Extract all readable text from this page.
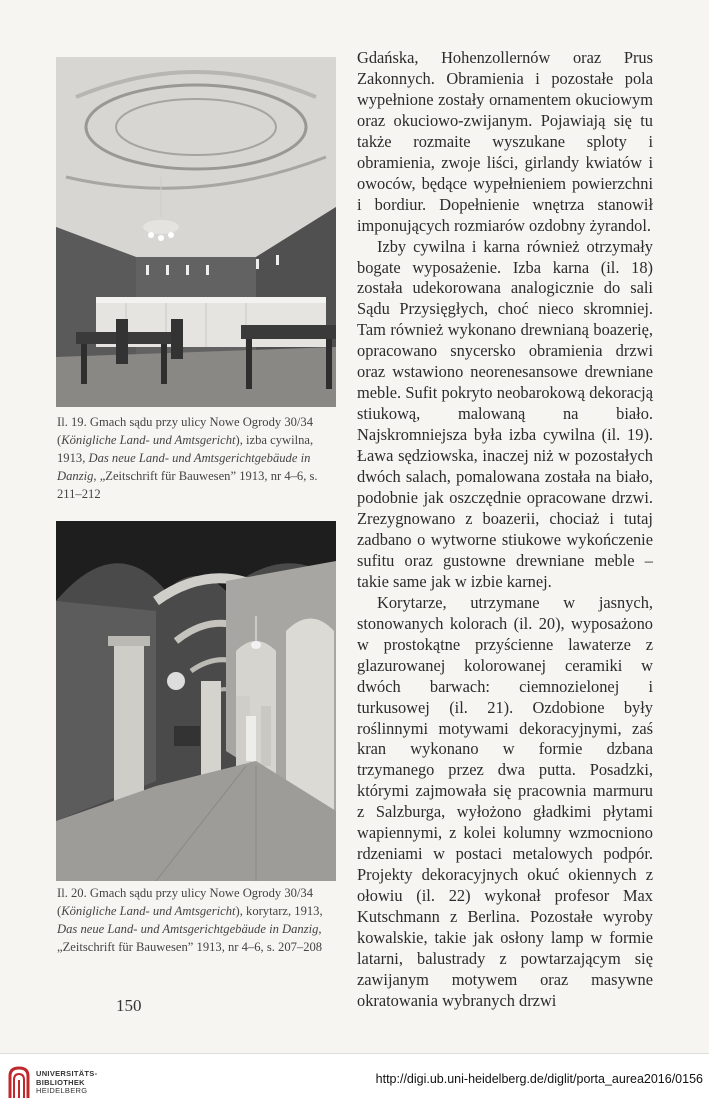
Il. 19. Gmach sądu przy ulicy Nowe Ogrody 30/34 (Königliche Land- und Amtsgericht), izba cywilna, 1913, Das neue Land- und Amtsgerichtgebäude in Danzig, „Zeitschrift für Bauwesen” 1913, nr 4–6, s. 211–212

Il. 20. Gmach sądu przy ulicy Nowe Ogrody 30/34 (Königliche Land- und Amtsgericht), korytarz, 1913, Das neue Land- und Amtsgerichtgebäude in Danzig, „Zeitschrift für Bauwesen” 1913, nr 4–6, s. 207–208

Gdańska, Hohenzollernów oraz Prus Zakonnych. Obramienia i pozostałe pola wypełnione zostały ornamentem okuciowym oraz okuciowo-zwijanym. Pojawiają się tu także rozmaite wyszukane sploty i obramienia, zwoje liści, girlandy kwiatów i owoców, będące wypełnieniem powierzchni i bordiur. Dopełnienie wnętrza stanowił imponujących rozmiarów ozdobny żyrandol.

Izby cywilna i karna również otrzymały bogate wyposażenie. Izba karna (il. 18) została udekorowana analogicznie do sali Sądu Przysięgłych, choć nieco skromniej. Tam również wykonano drewnianą boazerię, opracowano snycersko obramienia drzwi oraz wstawiono neorenesansowe drewniane meble. Sufit pokryto neobarokową dekoracją stiukową, malowaną na biało. Najskromniejsza była izba cywilna (il. 19). Ława sędziowska, inaczej niż w pozostałych dwóch salach, pomalowana została na biało, podobnie jak oszczędnie opracowane drzwi. Zrezygnowano z boazerii, chociaż i tutaj zadbano o wytworne stiukowe wykończenie sufitu oraz gustowne drewniane meble – takie same jak w izbie karnej.

Korytarze, utrzymane w jasnych, stonowanych kolorach (il. 20), wyposażono w prostokątne przyścienne lawaterze z glazurowanej kolorowanej ceramiki w dwóch barwach: ciemnozielonej i turkusowej (il. 21). Ozdobione były roślinnymi motywami dekoracyjnymi, zaś kran wykonano w formie dzbana trzymanego przez dwa putta. Posadzki, którymi zajmowała się pracownia marmuru z Salzburga, wyłożono gładkimi płytami wapiennymi, z kolei kolumny wzmocniono rdzeniami w postaci metalowych podpór. Projekty dekoracyjnych okuć okiennych z ołowiu (il. 22) wykonał profesor Max Kutschmann z Berlina. Pozostałe wyroby kowalskie, takie jak osłony lamp w formie latarni, balustrady z powtarzającym się zawijanym motywem oraz masywne okratowania wybranych drzwi

150
UNIVERSITÄTS-
BIBLIOTHEK
HEIDELBERG
http://digi.ub.uni-heidelberg.de/diglit/porta_aurea2016/0156
